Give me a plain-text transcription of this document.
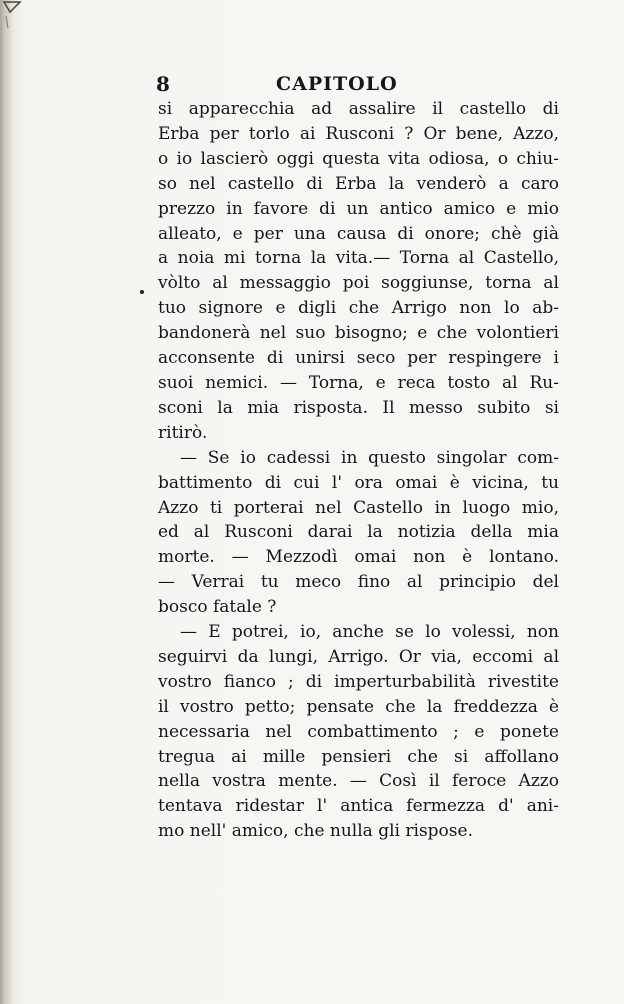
8	CAPITOLO
si apparecchia ad assalire il castello di
Erba per torlo ai Rusconi ? Or bene, Azzo,
o io lascierò oggi questa vita odiosa, o chiu-
so nel castello di Erba la venderò a caro
prezzo in favore di un antico amico e mio
alleato, e per una causa di onore; chè già
a noia mi torna la vita.— Torna al Castello,
vòlto al messaggio poi soggiunse, torna al
tuo signore e digli che Arrigo non lo ab-
bandonerà nel suo bisogno; e che volontieri
acconsente di unirsi seco per respingere i
suoi nemici. — Torna, e reca tosto al Ru-
sconi la mia risposta. Il messo subito si
ritirò.
— Se io cadessi in questo singolar com-
battimento di cui l' ora omai è vicina, tu
Azzo ti porterai nel Castello in luogo mio,
ed al Rusconi darai la notizia della mia
morte. — Mezzodì omai non è lontano.
— Verrai tu meco fino al principio del
bosco fatale ?
— E potrei, io, anche se lo volessi, non
seguirvi da lungi, Arrigo. Or via, eccomi al
vostro fianco ; di imperturbabilità rivestite
il vostro petto; pensate che la freddezza è
necessaria nel combattimento ; e ponete
tregua ai mille pensieri che si affollano
nella vostra mente. — Così il feroce Azzo
tentava ridestar l' antica fermezza d' ani-
mo nell' amico, che nulla gli rispose.
